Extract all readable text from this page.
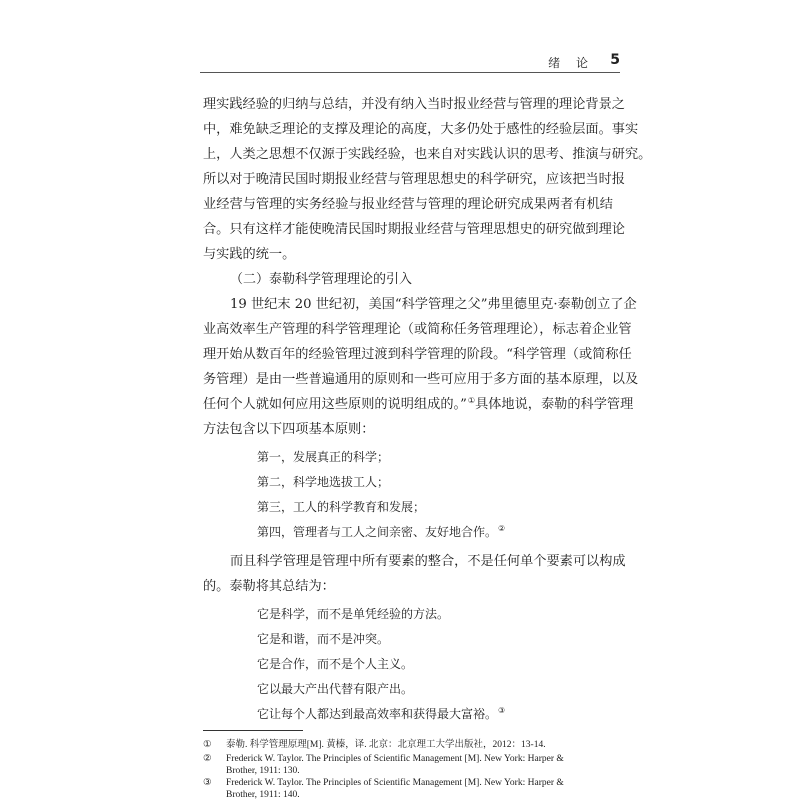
绪 论 5
理实践经验的归纳与总结，并没有纳入当时报业经营与管理的理论背景之
中，难免缺乏理论的支撑及理论的高度，大多仍处于感性的经验层面。事实
上，人类之思想不仅源于实践经验，也来自对实践认识的思考、推演与研究。
所以对于晚清民国时期报业经营与管理思想史的科学研究，应该把当时报
业经营与管理的实务经验与报业经营与管理的理论研究成果两者有机结
合。只有这样才能使晚清民国时期报业经营与管理思想史的研究做到理论
与实践的统一。
（二）泰勒科学管理理论的引入
19 世纪末 20 世纪初，美国“科学管理之父”弗里德里克·泰勒创立了企
业高效率生产管理的科学管理理论（或简称任务管理理论），标志着企业管
理开始从数百年的经验管理过渡到科学管理的阶段。“科学管理（或简称任
务管理）是由一些普遍通用的原则和一些可应用于多方面的基本原理，以及
任何个人就如何应用这些原则的说明组成的。”①具体地说，泰勒的科学管理
方法包含以下四项基本原则：
第一，发展真正的科学；
第二，科学地选拔工人；
第三，工人的科学教育和发展；
第四，管理者与工人之间亲密、友好地合作。②
而且科学管理是管理中所有要素的整合，不是任何单个要素可以构成
的。泰勒将其总结为：
它是科学，而不是单凭经验的方法。
它是和谐，而不是冲突。
它是合作，而不是个人主义。
它以最大产出代替有限产出。
它让每个人都达到最高效率和获得最大富裕。③
①	泰勒. 科学管理原理[M]. 黄榛，译. 北京：北京理工大学出版社，2012：13-14.
②	Frederick W. Taylor. The Principles of Scientific Management [M]. New York: Harper &
Brother, 1911: 130.
③	Frederick W. Taylor. The Principles of Scientific Management [M]. New York: Harper &
Brother, 1911: 140.
